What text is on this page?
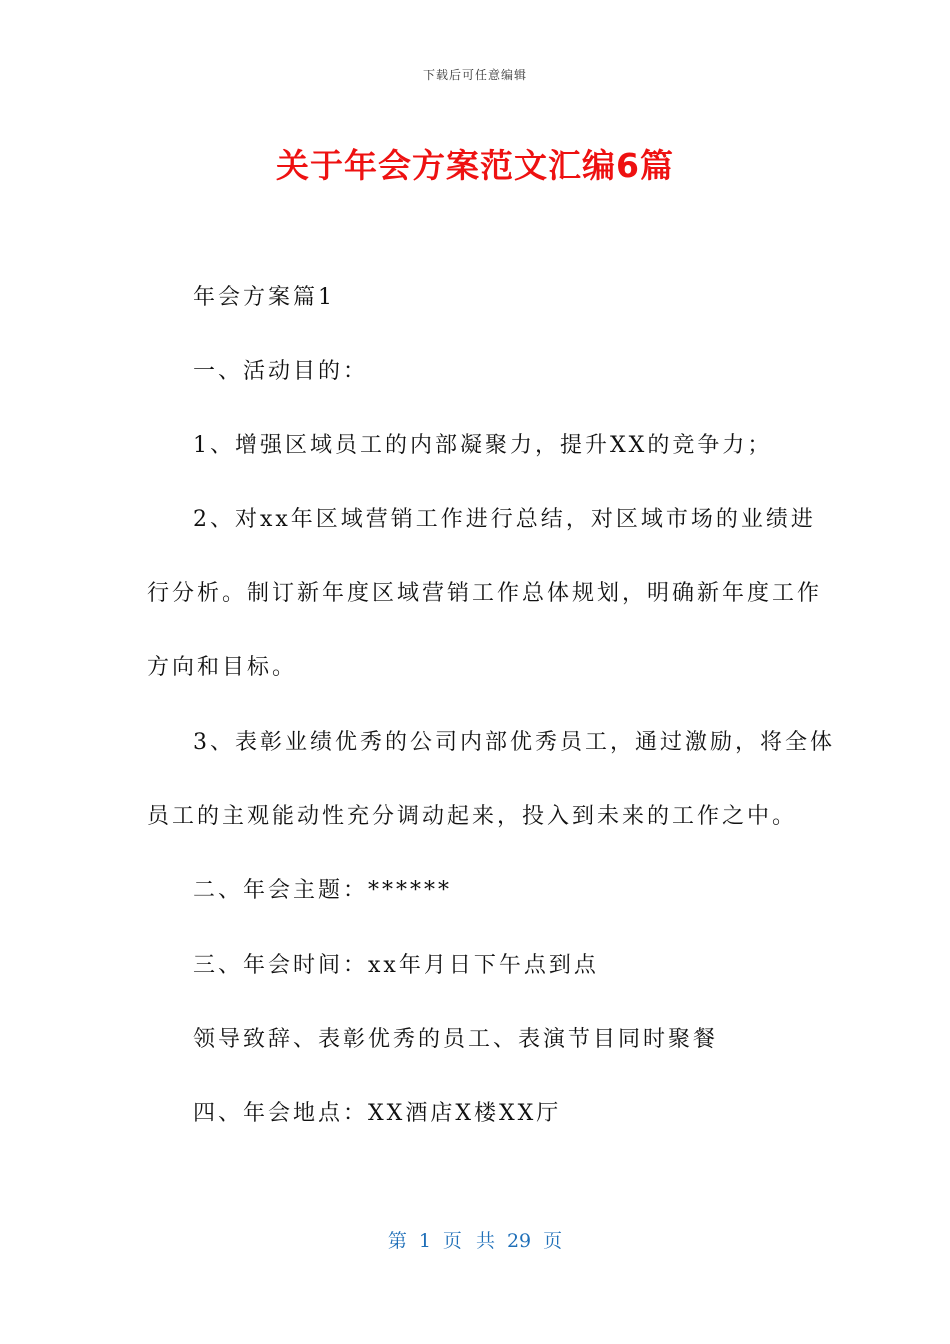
下载后可任意编辑
关于年会方案范文汇编6篇
年会方案篇1
一、活动目的：
1、增强区域员工的内部凝聚力，提升XX的竞争力；
2、对xx年区域营销工作进行总结，对区域市场的业绩进
行分析。制订新年度区域营销工作总体规划，明确新年度工作
方向和目标。
3、表彰业绩优秀的公司内部优秀员工，通过激励，将全体
员工的主观能动性充分调动起来，投入到未来的工作之中。
二、年会主题：******
三、年会时间：xx年月日下午点到点
领导致辞、表彰优秀的员工、表演节目同时聚餐
四、年会地点：XX酒店X楼XX厅
第 1 页 共 29 页
